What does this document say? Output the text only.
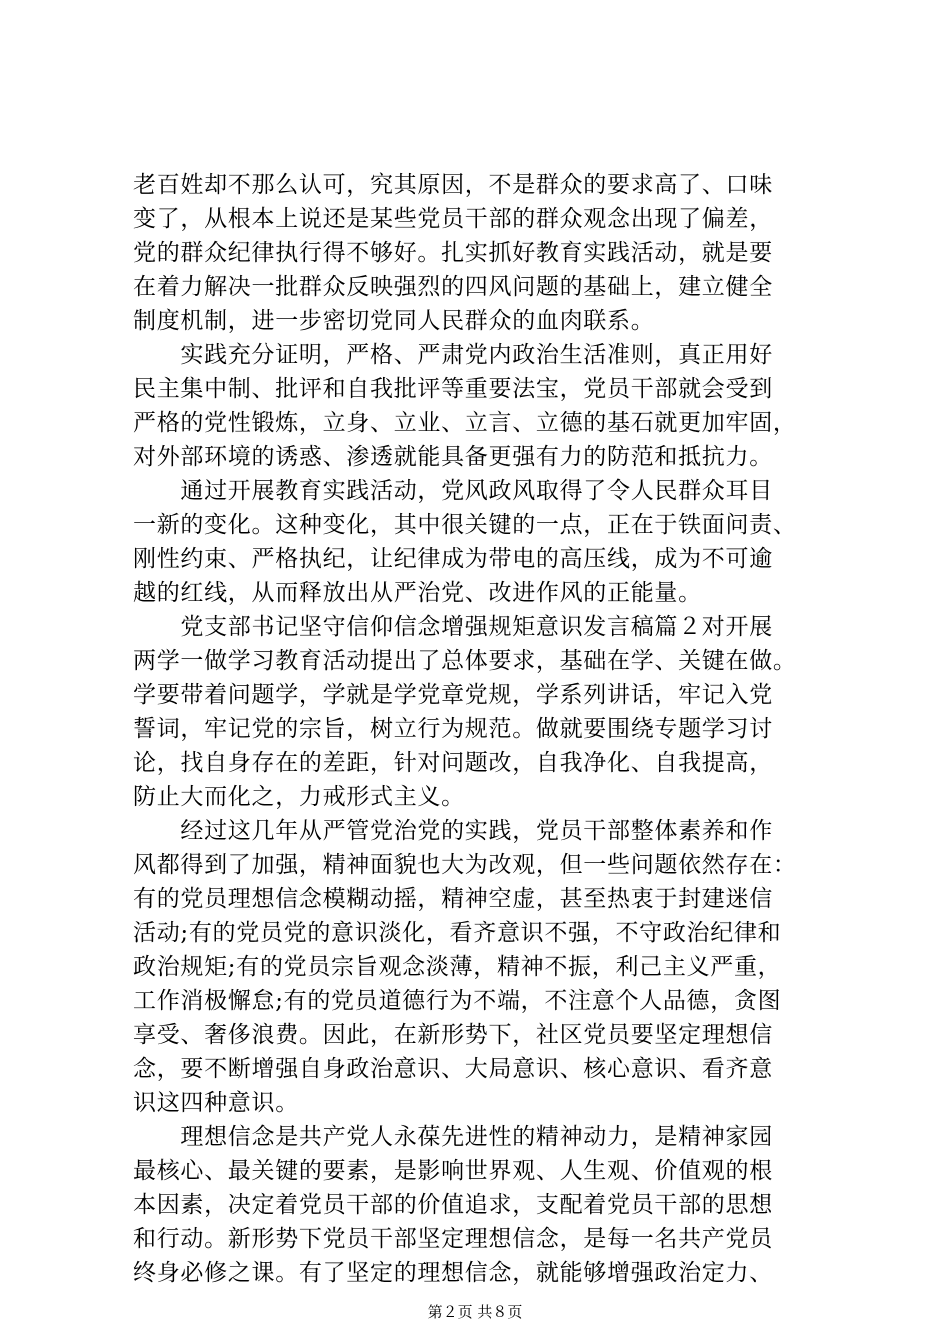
老百姓却不那么认可，究其原因，不是群众的要求高了、口味
变了，从根本上说还是某些党员干部的群众观念出现了偏差，
党的群众纪律执行得不够好。扎实抓好教育实践活动，就是要
在着力解决一批群众反映强烈的四风问题的基础上，建立健全
制度机制，进一步密切党同人民群众的血肉联系。
　　实践充分证明，严格、严肃党内政治生活准则，真正用好
民主集中制、批评和自我批评等重要法宝，党员干部就会受到
严格的党性锻炼，立身、立业、立言、立德的基石就更加牢固，
对外部环境的诱惑、渗透就能具备更强有力的防范和抵抗力。
　　通过开展教育实践活动，党风政风取得了令人民群众耳目
一新的变化。这种变化，其中很关键的一点，正在于铁面问责、
刚性约束、严格执纪，让纪律成为带电的高压线，成为不可逾
越的红线，从而释放出从严治党、改进作风的正能量。
　　党支部书记坚守信仰信念增强规矩意识发言稿篇２对开展
两学一做学习教育活动提出了总体要求，基础在学、关键在做。
学要带着问题学，学就是学党章党规，学系列讲话，牢记入党
誓词，牢记党的宗旨，树立行为规范。做就要围绕专题学习讨
论，找自身存在的差距，针对问题改，自我净化、自我提高，
防止大而化之，力戒形式主义。
　　经过这几年从严管党治党的实践，党员干部整体素养和作
风都得到了加强，精神面貌也大为改观，但一些问题依然存在：
有的党员理想信念模糊动摇，精神空虚，甚至热衷于封建迷信
活动;有的党员党的意识淡化，看齐意识不强，不守政治纪律和
政治规矩;有的党员宗旨观念淡薄，精神不振，利己主义严重，
工作消极懈怠;有的党员道德行为不端，不注意个人品德，贪图
享受、奢侈浪费。因此，在新形势下，社区党员要坚定理想信
念，要不断增强自身政治意识、大局意识、核心意识、看齐意
识这四种意识。
　　理想信念是共产党人永葆先进性的精神动力，是精神家园
最核心、最关键的要素，是影响世界观、人生观、价值观的根
本因素，决定着党员干部的价值追求，支配着党员干部的思想
和行动。新形势下党员干部坚定理想信念，是每一名共产党员
终身必修之课。有了坚定的理想信念，就能够增强政治定力、
第２页 共８页
